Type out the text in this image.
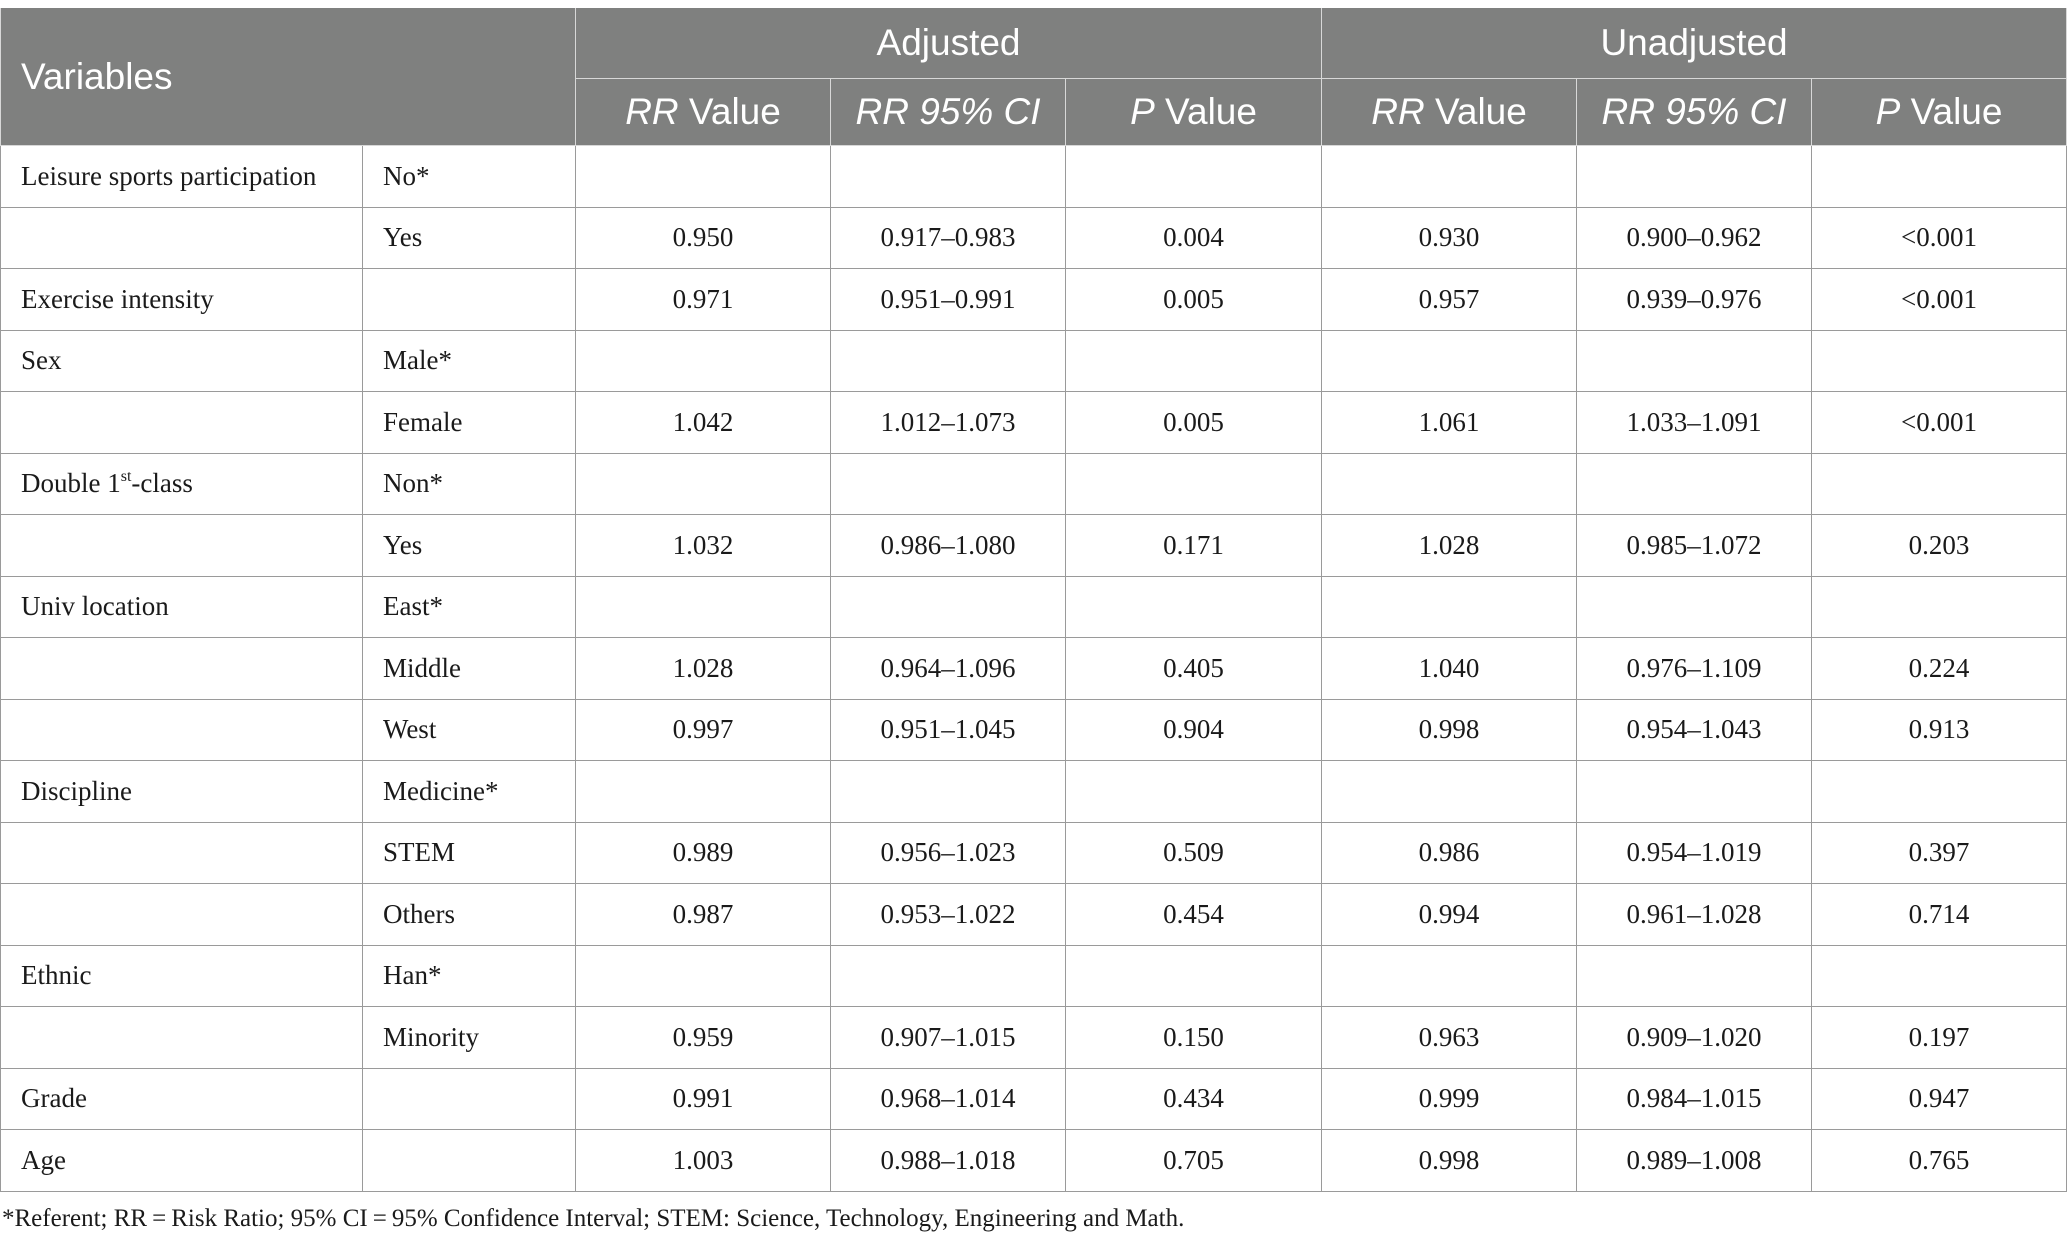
Variables		Adjusted			Unadjusted		
		RR Value	RR 95% CI	P Value	RR Value	RR 95% CI	P Value
Leisure sports participation	No*						
	Yes	0.950	0.917–0.983	0.004	0.930	0.900–0.962	<0.001
Exercise intensity		0.971	0.951–0.991	0.005	0.957	0.939–0.976	<0.001
Sex	Male*						
	Female	1.042	1.012–1.073	0.005	1.061	1.033–1.091	<0.001
Double 1st-class	Non*						
	Yes	1.032	0.986–1.080	0.171	1.028	0.985–1.072	0.203
Univ location	East*						
	Middle	1.028	0.964–1.096	0.405	1.040	0.976–1.109	0.224
	West	0.997	0.951–1.045	0.904	0.998	0.954–1.043	0.913
Discipline	Medicine*						
	STEM	0.989	0.956–1.023	0.509	0.986	0.954–1.019	0.397
	Others	0.987	0.953–1.022	0.454	0.994	0.961–1.028	0.714
Ethnic	Han*						
	Minority	0.959	0.907–1.015	0.150	0.963	0.909–1.020	0.197
Grade		0.991	0.968–1.014	0.434	0.999	0.984–1.015	0.947
Age		1.003	0.988–1.018	0.705	0.998	0.989–1.008	0.765
*Referent; RR = Risk Ratio; 95% CI = 95% Confidence Interval; STEM: Science, Technology, Engineering and Math.
